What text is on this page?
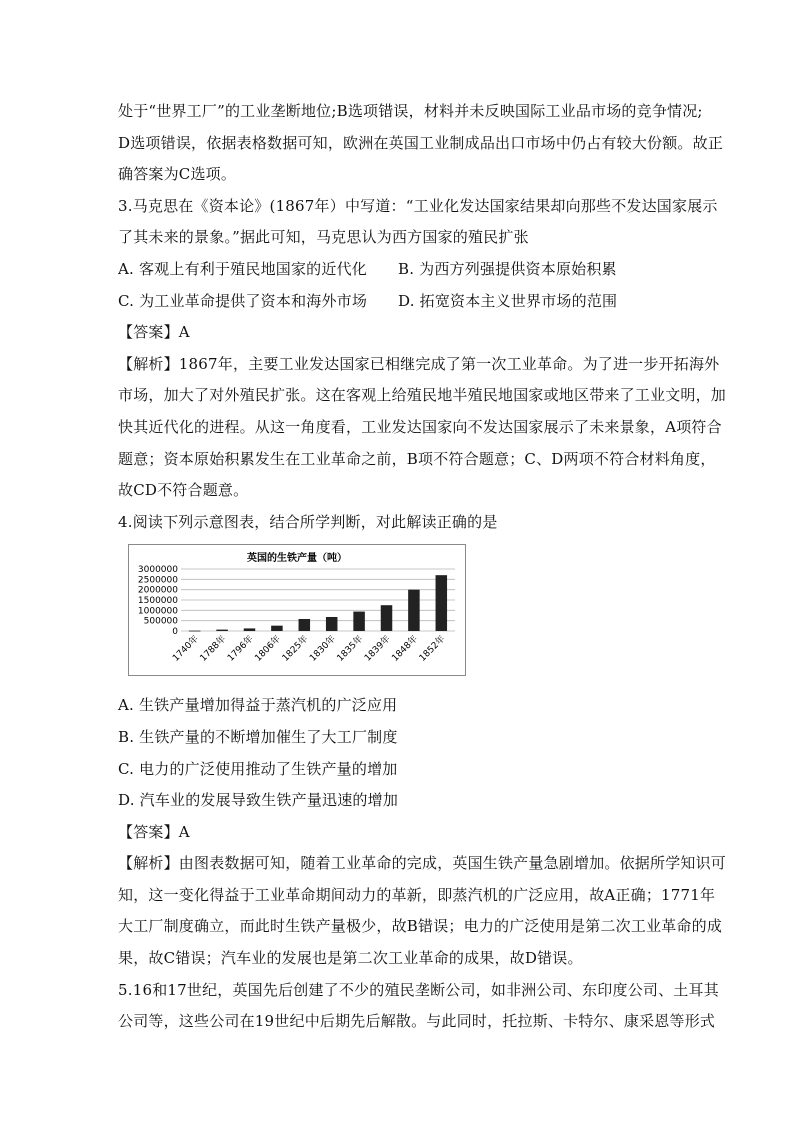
处于“世界工厂”的工业垄断地位;B选项错误，材料并未反映国际工业品市场的竞争情况;
D选项错误，依据表格数据可知，欧洲在英国工业制成品出口市场中仍占有较大份额。故正
确答案为C选项。
3.马克思在《资本论》(1867年）中写道：“工业化发达国家结果却向那些不发达国家展示
了其未来的景象。”据此可知，马克思认为西方国家的殖民扩张
A. 客观上有利于殖民地国家的近代化	B. 为西方列强提供资本原始积累
C. 为工业革命提供了资本和海外市场	D. 拓宽资本主义世界市场的范围
【答案】A
【解析】1867年，主要工业发达国家已相继完成了第一次工业革命。为了进一步开拓海外
市场，加大了对外殖民扩张。这在客观上给殖民地半殖民地国家或地区带来了工业文明，加
快其近代化的进程。从这一角度看，工业发达国家向不发达国家展示了未来景象，A项符合
题意；资本原始积累发生在工业革命之前，B项不符合题意；C、D两项不符合材料角度，
故CD不符合题意。
4.阅读下列示意图表，结合所学判断，对此解读正确的是
英国的生铁产量（吨）
0
500000
1000000
1500000
2000000
2500000
3000000
1740年
1788年
1796年
1806年
1825年
1830年
1835年
1839年
1848年
1852年
A. 生铁产量增加得益于蒸汽机的广泛应用
B. 生铁产量的不断增加催生了大工厂制度
C. 电力的广泛使用推动了生铁产量的增加
D. 汽车业的发展导致生铁产量迅速的增加
【答案】A
【解析】由图表数据可知，随着工业革命的完成，英国生铁产量急剧增加。依据所学知识可
知，这一变化得益于工业革命期间动力的革新，即蒸汽机的广泛应用，故A正确；1771年
大工厂制度确立，而此时生铁产量极少，故B错误；电力的广泛使用是第二次工业革命的成
果，故C错误；汽车业的发展也是第二次工业革命的成果，故D错误。
5.16和17世纪，英国先后创建了不少的殖民垄断公司，如非洲公司、东印度公司、土耳其
公司等，这些公司在19世纪中后期先后解散。与此同时，托拉斯、卡特尔、康采恩等形式
